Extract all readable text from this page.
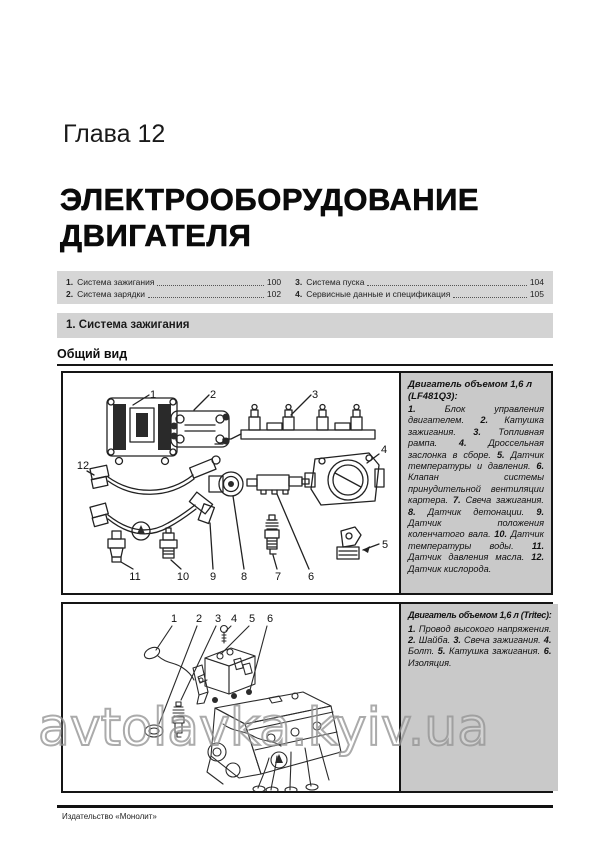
Глава 12
ЭЛЕКТРООБОРУДОВАНИЕ
ДВИГАТЕЛЯ
1. Система зажигания	100
2. Система зарядки	102
3. Система пуска	104
4. Сервисные данные и спецификация	105
1. Система зажигания
Общий вид
1	2	3
4
5
6
7
8
9
10
11
12
Двигатель объемом 1,6 л (LF481Q3):
1.	Блок управления двигателем. 2. Катушка зажигания. 3. Топливная рампа. 4. Дроссельная заслонка в сборе. 5. Датчик температуры и давления. 6. Клапан системы принудительной вентиляции картера. 7. Свеча зажигания. 8. Датчик детонации. 9. Датчик положения коленчатого вала. 10. Датчик температуры воды. 11. Датчик давления масла. 12. Датчик кислорода.
1 2 3 4 5 6	Двигатель объемом 1,6 л (Tritec):
1. Провод высокого напряжения. 2. Шайба. 3. Свеча зажигания. 4. Болт. 5. Катушка зажигания. 6. Изоляция.
Издательство «Монолит»
